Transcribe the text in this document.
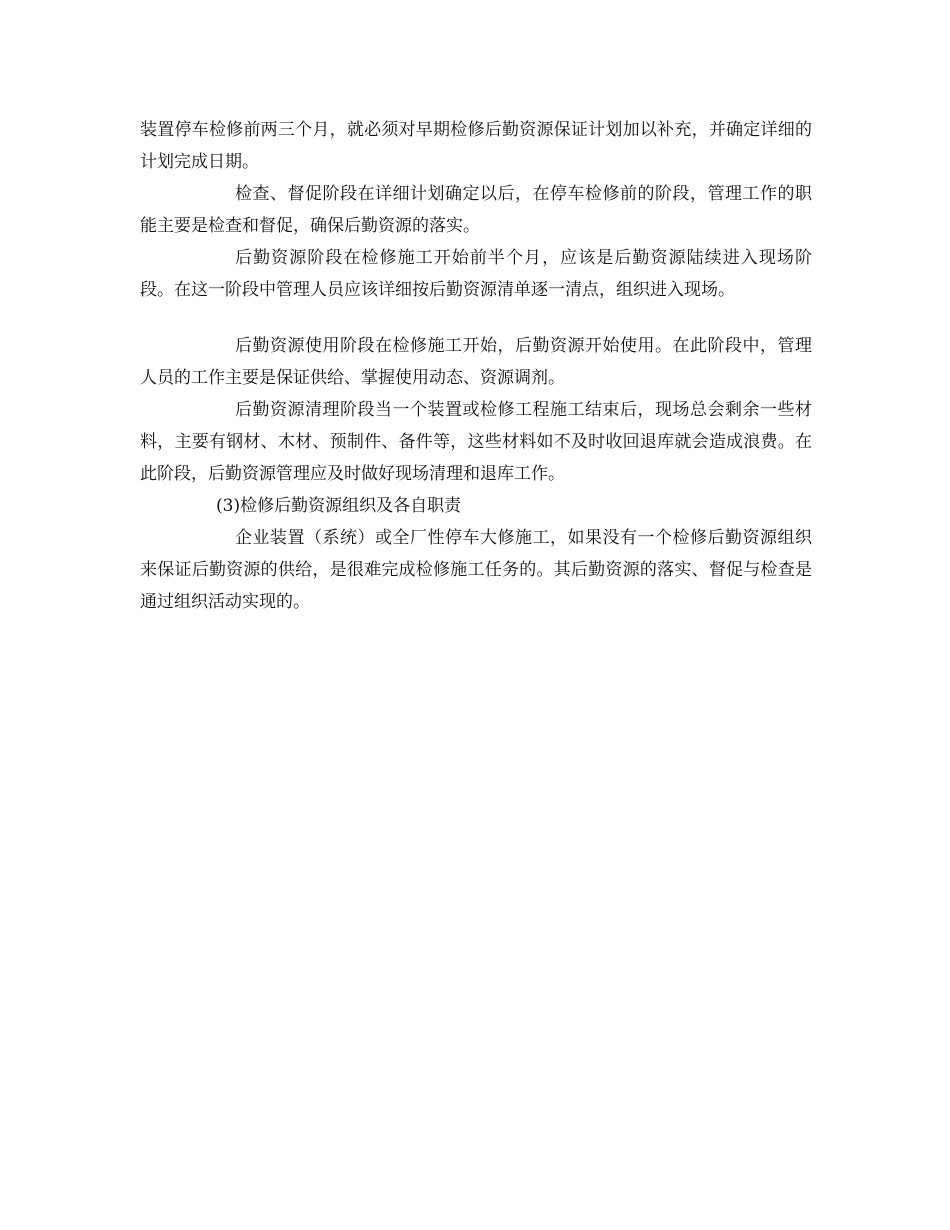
装置停车检修前两三个月，就必须对早期检修后勤资源保证计划加以补充，并确定详细的计划完成日期。

检查、督促阶段在详细计划确定以后，在停车检修前的阶段，管理工作的职能主要是检查和督促，确保后勤资源的落实。

后勤资源阶段在检修施工开始前半个月，应该是后勤资源陆续进入现场阶段。在这一阶段中管理人员应该详细按后勤资源清单逐一清点，组织进入现场。

后勤资源使用阶段在检修施工开始，后勤资源开始使用。在此阶段中，管理人员的工作主要是保证供给、掌握使用动态、资源调剂。

后勤资源清理阶段当一个装置或检修工程施工结束后，现场总会剩余一些材料，主要有钢材、木材、预制件、备件等，这些材料如不及时收回退库就会造成浪费。在此阶段，后勤资源管理应及时做好现场清理和退库工作。

(3)检修后勤资源组织及各自职责

企业装置（系统）或全厂性停车大修施工，如果没有一个检修后勤资源组织来保证后勤资源的供给，是很难完成检修施工任务的。其后勤资源的落实、督促与检查是通过组织活动实现的。
